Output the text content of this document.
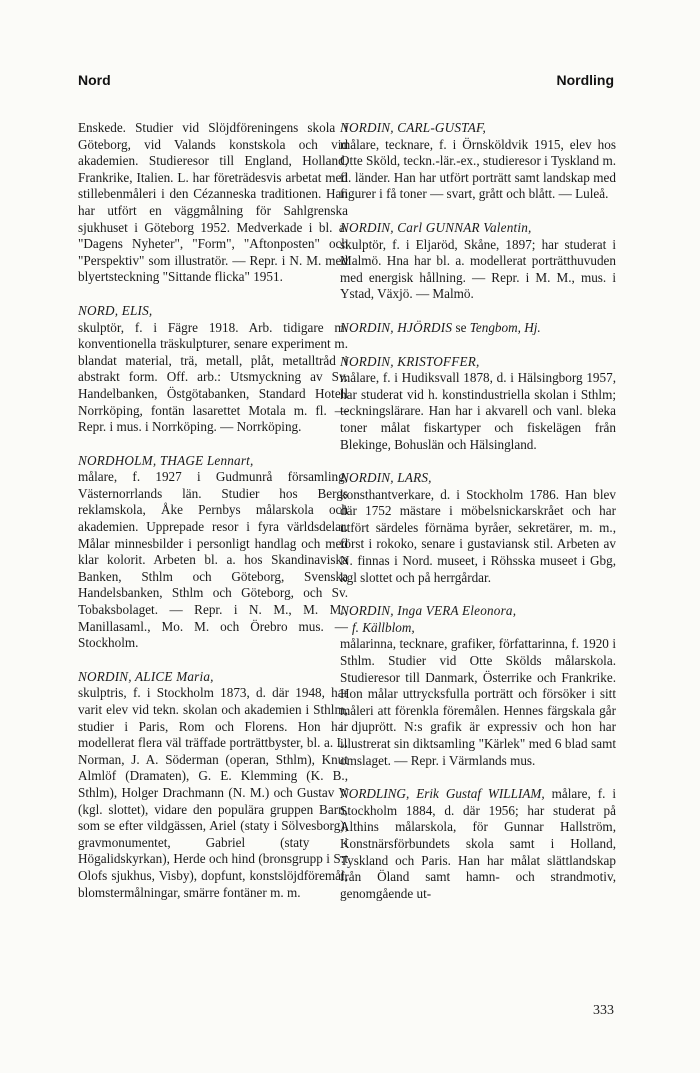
Nord	Nordling

Enskede. Studier vid Slöjdföreningens skola i Göteborg, vid Valands konstskola och vid akademien. Studieresor till England, Holland, Frankrike, Italien. L. har företrädesvis arbetat med stillebenmåleri i den Cézanneska traditionen. Han har utfört en väggmålning för Sahlgrenska sjukhuset i Göteborg 1952. Medverkade i bl. a. "Dagens Nyheter", "Form", "Aftonposten" och "Perspektiv" som illustratör. — Repr. i N. M. med blyertsteckning "Sittande flicka" 1951.

NORD, ELIS,
skulptör, f. i Fägre 1918. Arb. tidigare m. konventionella träskulpturer, senare experiment m. blandat material, trä, metall, plåt, metalltråd i abstrakt form. Off. arb.: Utsmyckning av Sv. Handelbanken, Östgötabanken, Standard Hotell Norrköping, fontän lasarettet Motala m. fl. — Repr. i mus. i Norrköping. — Norrköping.

NORDHOLM, THAGE Lennart,
målare, f. 1927 i Gudmunrå församling, Västernorrlands län. Studier hos Bergs reklamskola, Åke Pernbys målarskola och akademien. Upprepade resor i fyra världsdelar. Målar minnesbilder i personligt handlag och med klar kolorit. Arbeten bl. a. hos Skandinaviska Banken, Sthlm och Göteborg, Svenska Handelsbanken, Sthlm och Göteborg, och Sv. Tobaksbolaget. — Repr. i N. M., M. M., Manillasaml., Mo. M. och Örebro mus. — Stockholm.

NORDIN, ALICE Maria,
skulptris, f. i Stockholm 1873, d. där 1948, har varit elev vid tekn. skolan och akademien i Sthlm, studier i Paris, Rom och Florens. Hon har modellerat flera väl träffade porträttbyster, bl. a. L. Norman, J. A. Söderman (operan, Sthlm), Knut Almlöf (Dramaten), G. E. Klemming (K. B., Sthlm), Holger Drachmann (N. M.) och Gustav V (kgl. slottet), vidare den populära gruppen Barn, som se efter vildgässen, Ariel (staty i Sölvesborg), gravmonumentet, Gabriel (staty i Högalidskyrkan), Herde och hind (bronsgrupp i S:t Olofs sjukhus, Visby), dopfunt, konstslöjdföremål, blomstermålningar, smärre fontäner m. m.

NORDIN, CARL-GUSTAF,
målare, tecknare, f. i Örnsköldvik 1915, elev hos Otte Sköld, teckn.-lär.-ex., studieresor i Tyskland m. fl. länder. Han har utfört porträtt samt landskap med figurer i få toner — svart, grått och blått. — Luleå.

NORDIN, Carl GUNNAR Valentin,
skulptör, f. i Eljaröd, Skåne, 1897; har studerat i Malmö. Hna har bl. a. modellerat porträtthuvuden med energisk hållning. — Repr. i M. M., mus. i Ystad, Växjö. — Malmö.

NORDIN, HJÖRDIS se Tengbom, Hj.

NORDIN, KRISTOFFER,
målare, f. i Hudiksvall 1878, d. i Hälsingborg 1957, har studerat vid h. konstindustriella skolan i Sthlm; teckningslärare. Han har i akvarell och vanl. bleka toner målat fiskartyper och fiskelägen från Blekinge, Bohuslän och Hälsingland.

NORDIN, LARS,
konsthantverkare, d. i Stockholm 1786. Han blev där 1752 mästare i möbelsnickarskrået och har utfört särdeles förnäma byråer, sekretärer, m. m., först i rokoko, senare i gustaviansk stil. Arbeten av N. finnas i Nord. museet, i Röhsska museet i Gbg, kgl slottet och på herrgårdar.

NORDIN, Inga VERA Eleonora,
f. Källblom,
målarinna, tecknare, grafiker, författarinna, f. 1920 i Sthlm. Studier vid Otte Skölds målarskola. Studieresor till Danmark, Österrike och Frankrike. Hon målar uttrycksfulla porträtt och försöker i sitt måleri att förenkla föremålen. Hennes färgskala går i djuprött. N:s grafik är expressiv och hon har illustrerat sin diktsamling "Kärlek" med 6 blad samt omslaget. — Repr. i Värmlands mus.

NORDLING, Erik Gustaf WILLIAM, målare, f. i Stockholm 1884, d. där 1956; har studerat på Althins målarskola, för Gunnar Hallström, Konstnärsförbundets skola samt i Holland, Tyskland och Paris. Han har målat slättlandskap från Öland samt hamn- och strandmotiv, genomgående ut-

333
